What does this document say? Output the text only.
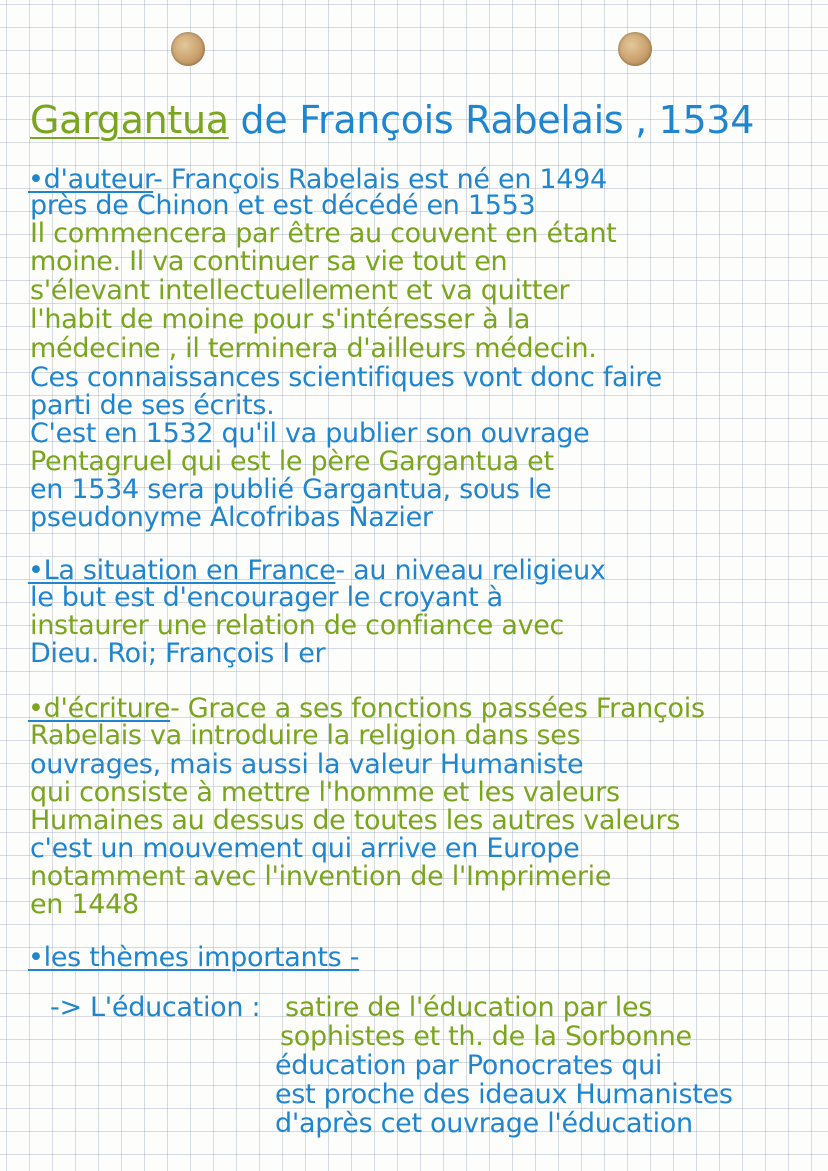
Gargantua de François Rabelais , 1534
•d'auteur- François Rabelais est né en 1494

près de Chinon et est décédé en 1553

Il commencera par être au couvent en étant

moine. Il va continuer sa vie tout en

s'élevant intellectuellement et va quitter

l'habit de moine pour s'intéresser à la

médecine , il terminera d'ailleurs médecin.

Ces connaissances scientifiques vont donc faire

parti de ses écrits.

C'est en 1532 qu'il va publier son ouvrage

Pentagruel qui est le père Gargantua et

en 1534 sera publié Gargantua, sous le

pseudonyme Alcofribas Nazier

•La situation en France- au niveau religieux

le but est d'encourager le croyant à

instaurer une relation de confiance avec

Dieu. Roi; François I er

•d'écriture- Grace a ses fonctions passées François

Rabelais va introduire la religion dans ses

ouvrages, mais aussi la valeur Humaniste

qui consiste à mettre l'homme et les valeurs

Humaines au dessus de toutes les autres valeurs

c'est un mouvement qui arrive en Europe

notamment avec l'invention de l'Imprimerie

en 1448

•les thèmes importants -

-> L'éducation : satire de l'éducation par les

sophistes et th. de la Sorbonne

éducation par Ponocrates qui

est proche des ideaux Humanistes

d'après cet ouvrage l'éducation
